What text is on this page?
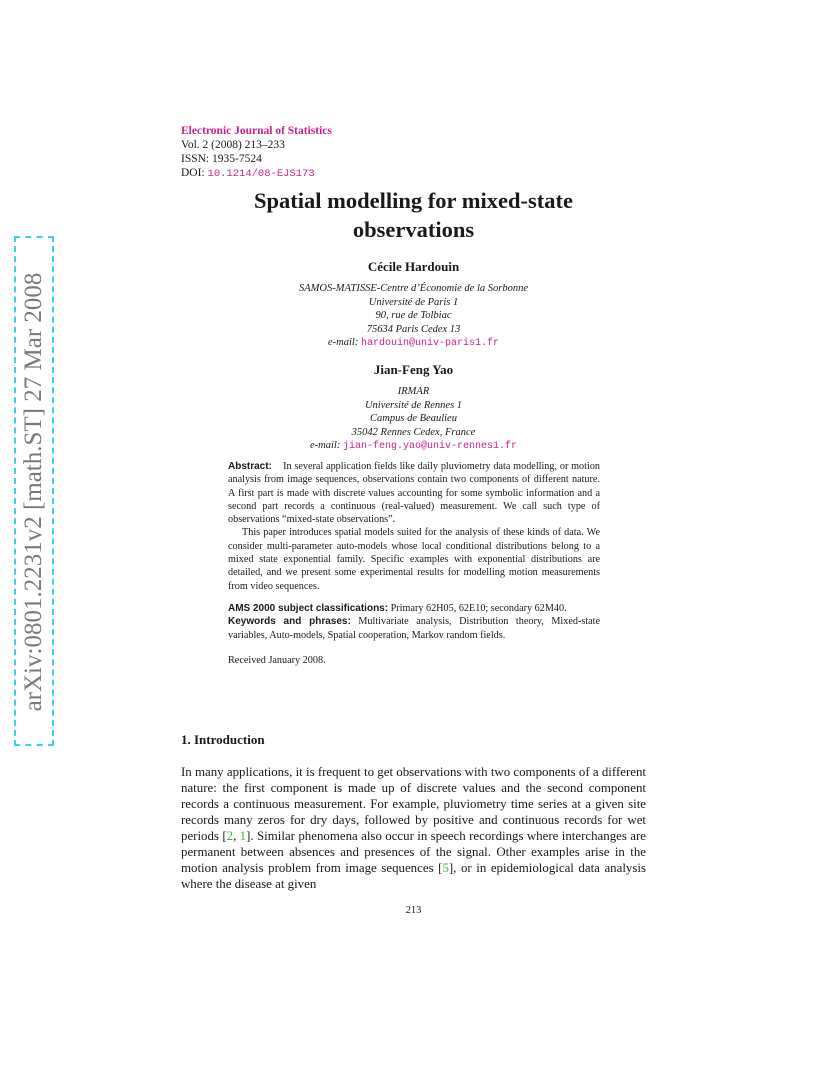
arXiv:0801.2231v2 [math.ST] 27 Mar 2008
Electronic Journal of Statistics
Vol. 2 (2008) 213–233
ISSN: 1935-7524
DOI: 10.1214/08-EJS173
Spatial modelling for mixed-state
observations
Cécile Hardouin
SAMOS-MATISSE-Centre d’Économie de la Sorbonne
Université de Paris 1
90, rue de Tolbiac
75634 Paris Cedex 13
e-mail: hardouin@univ-paris1.fr
Jian-Feng Yao
IRMAR
Université de Rennes 1
Campus de Beaulieu
35042 Rennes Cedex, France
e-mail: jian-feng.yao@univ-rennes1.fr

Abstract: In several application fields like daily pluviometry data modelling, or motion analysis from image sequences, observations contain two components of different nature. A first part is made with discrete values accounting for some symbolic information and a second part records a continuous (real-valued) measurement. We call such type of observations “mixed-state observations”.

This paper introduces spatial models suited for the analysis of these kinds of data. We consider multi-parameter auto-models whose local conditional distributions belong to a mixed state exponential family. Specific examples with exponential distributions are detailed, and we present some experimental results for modelling motion measurements from video sequences.

AMS 2000 subject classifications: Primary 62H05, 62E10; secondary 62M40.

Keywords and phrases: Multivariate analysis, Distribution theory, Mixed-state variables, Auto-models, Spatial cooperation, Markov random fields.

Received January 2008.

1. Introduction
In many applications, it is frequent to get observations with two components of a different nature: the first component is made up of discrete values and the second component records a continuous measurement. For example, pluviometry time series at a given site records many zeros for dry days, followed by positive and continuous records for wet periods [2, 1]. Similar phenomena also occur in speech recordings where interchanges are permanent between absences and presences of the signal. Other examples arise in the motion analysis problem from image sequences [5], or in epidemiological data analysis where the disease at given
213
